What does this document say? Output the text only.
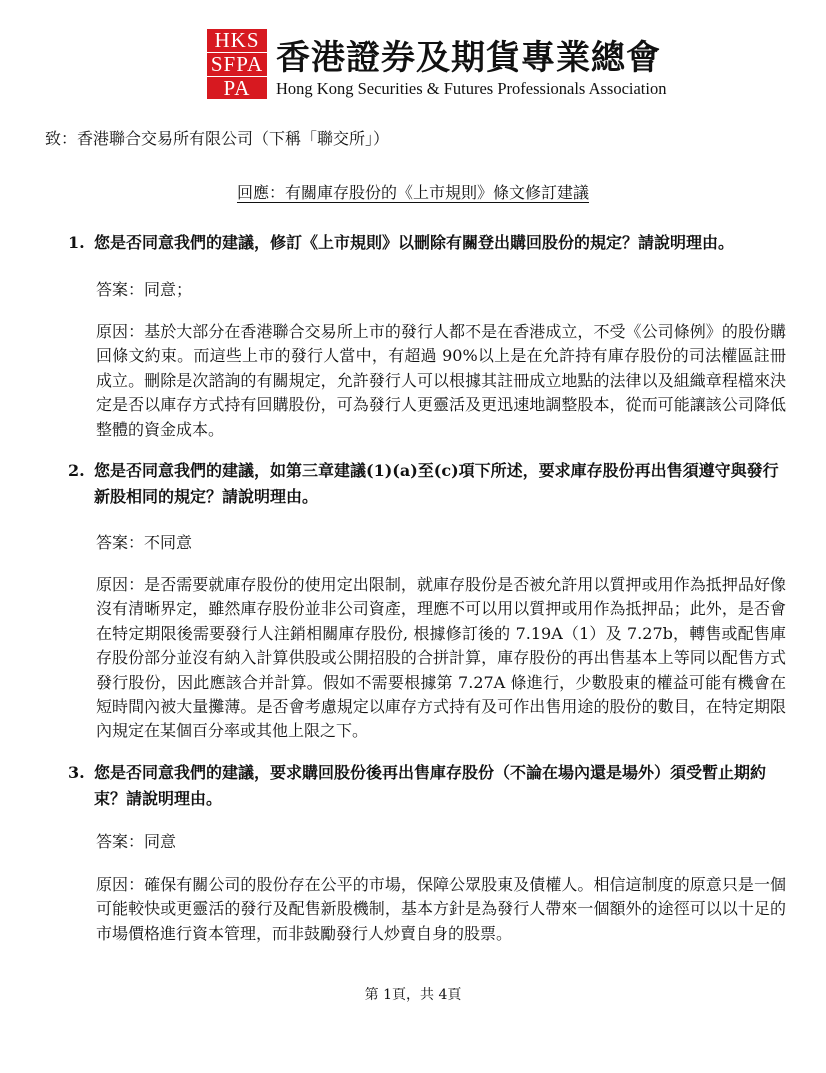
HKS
SFPA
PA
香港證券及期貨專業總會
Hong Kong Securities & Futures Professionals Association
致：香港聯合交易所有限公司（下稱「聯交所」）
回應：有關庫存股份的《上市規則》條文修訂建議
1. 您是否同意我們的建議，修訂《上市規則》以刪除有關登出購回股份的規定？請說明理由。
答案：同意；
原因：基於大部分在香港聯合交易所上市的發行人都不是在香港成立，不受《公司條例》的股份購回條文約束。而這些上市的發行人當中，有超過 90%以上是在允許持有庫存股份的司法權區註冊成立。刪除是次諮詢的有關規定，允許發行人可以根據其註冊成立地點的法律以及組織章程檔來決定是否以庫存方式持有回購股份，可為發行人更靈活及更迅速地調整股本，從而可能讓該公司降低整體的資金成本。
2. 您是否同意我們的建議，如第三章建議(1)(a)至(c)項下所述，要求庫存股份再出售須遵守與發行新股相同的規定？請說明理由。
答案：不同意
原因：是否需要就庫存股份的使用定出限制，就庫存股份是否被允許用以質押或用作為抵押品好像沒有清晰界定，雖然庫存股份並非公司資產，理應不可以用以質押或用作為抵押品；此外，是否會在特定期限後需要發行人注銷相關庫存股份, 根據修訂後的 7.19A（1）及 7.27b，轉售或配售庫存股份部分並沒有納入計算供股或公開招股的合拼計算，庫存股份的再出售基本上等同以配售方式發行股份，因此應該合并計算。假如不需要根據第 7.27A 條進行，少數股東的權益可能有機會在短時間內被大量攤薄。是否會考慮規定以庫存方式持有及可作出售用途的股份的數目，在特定期限內規定在某個百分率或其他上限之下。
3. 您是否同意我們的建議，要求購回股份後再出售庫存股份（不論在場內還是場外）須受暫止期約束？請說明理由。
答案：同意
原因：確保有關公司的股份存在公平的市場，保障公眾股東及債權人。相信這制度的原意只是一個可能較快或更靈活的發行及配售新股機制，基本方針是為發行人帶來一個額外的途徑可以以十足的市場價格進行資本管理，而非鼓勵發行人炒賣自身的股票。
第 1頁，共 4頁
